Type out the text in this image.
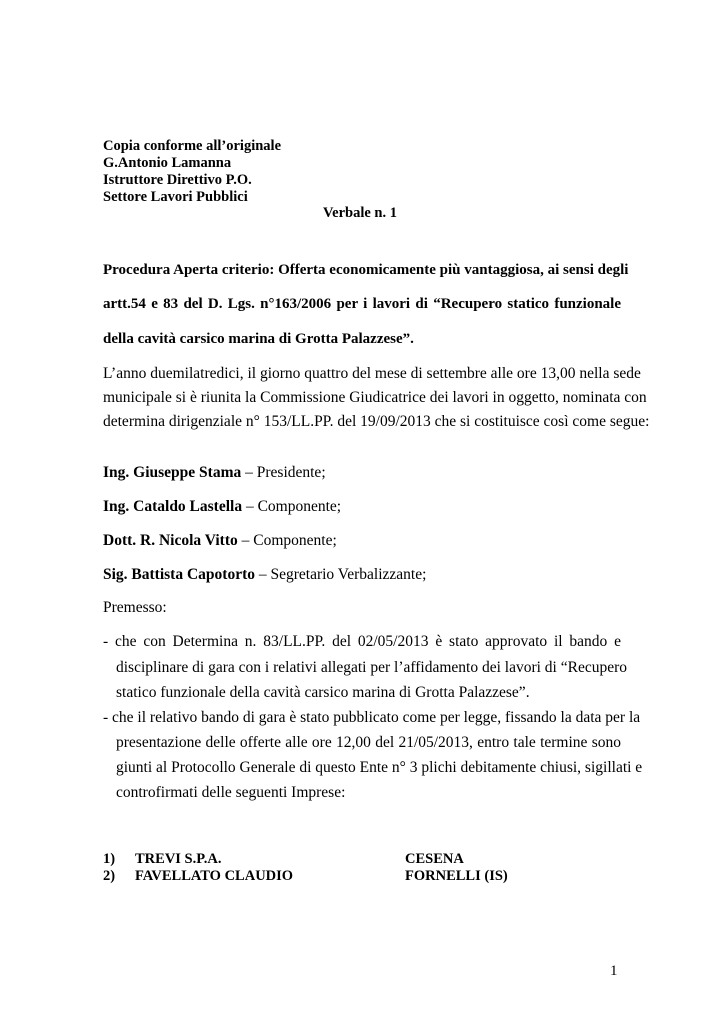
Copia conforme all’originale
G.Antonio Lamanna
Istruttore Direttivo P.O.
Settore Lavori Pubblici
Verbale n. 1
Procedura Aperta criterio: Offerta economicamente più vantaggiosa, ai sensi degli
artt.54 e 83 del D. Lgs. n°163/2006 per i lavori di “Recupero statico funzionale
della cavità carsico marina di Grotta Palazzese”.
L’anno duemilatredici, il giorno quattro del mese di settembre alle ore 13,00 nella sede
municipale si è riunita la Commissione Giudicatrice dei lavori in oggetto, nominata con
determina dirigenziale n° 153/LL.PP. del 19/09/2013 che si costituisce così come segue:
Ing. Giuseppe Stama – Presidente;
Ing. Cataldo Lastella – Componente;
Dott. R. Nicola Vitto – Componente;
Sig. Battista Capotorto – Segretario Verbalizzante;
Premesso:
- che con Determina n. 83/LL.PP. del 02/05/2013 è stato approvato il bando e
disciplinare di gara con i relativi allegati per l’affidamento dei lavori di “Recupero
statico funzionale della cavità carsico marina di Grotta Palazzese”.
- che il relativo bando di gara è stato pubblicato come per legge, fissando la data per la
presentazione delle offerte alle ore 12,00 del 21/05/2013, entro tale termine sono
giunti al Protocollo Generale di questo Ente n° 3 plichi debitamente chiusi, sigillati e
controfirmati delle seguenti Imprese:
1) TREVI S.P.A.	CESENA
2) FAVELLATO CLAUDIO	FORNELLI (IS)
1
